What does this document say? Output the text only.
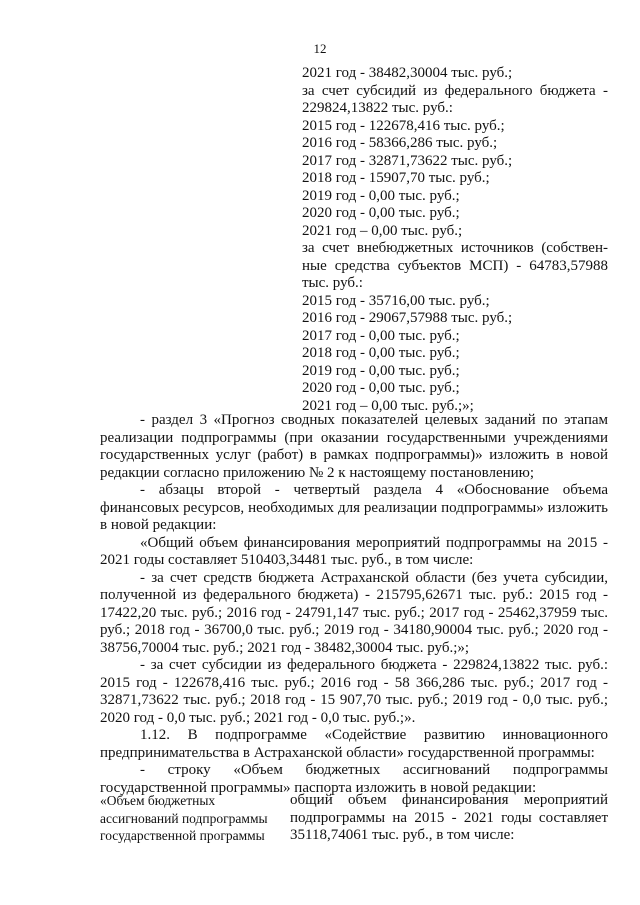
12
2021 год - 38482,30004 тыс. руб.;
за счет субсидий из федерального бюджета -
229824,13822 тыс. руб.:
2015 год - 122678,416 тыс. руб.;
2016 год - 58366,286 тыс. руб.;
2017 год - 32871,73622 тыс. руб.;
2018 год - 15907,70 тыс. руб.;
2019 год - 0,00 тыс. руб.;
2020 год - 0,00 тыс. руб.;
2021 год – 0,00 тыс. руб.;
за счет внебюджетных источников (собствен-
ные средства субъектов МСП) - 64783,57988
тыс. руб.:
2015 год - 35716,00 тыс. руб.;
2016 год - 29067,57988 тыс. руб.;
2017 год - 0,00 тыс. руб.;
2018 год - 0,00 тыс. руб.;
2019 год - 0,00 тыс. руб.;
2020 год - 0,00 тыс. руб.;
2021 год – 0,00 тыс. руб.;»;

- раздел 3 «Прогноз сводных показателей целевых заданий по этапам реализации подпрограммы (при оказании государственными учреждениями государственных услуг (работ) в рамках подпрограммы)» изложить в новой редакции согласно приложению № 2 к настоящему постановлению;

- абзацы второй - четвертый раздела 4 «Обоснование объема финансовых ресурсов, необходимых для реализации подпрограммы» изложить в новой редакции:

«Общий объем финансирования мероприятий подпрограммы на 2015 - 2021 годы составляет 510403,34481 тыс. руб., в том числе:

- за счет средств бюджета Астраханской области (без учета субсидии, полученной из федерального бюджета) - 215795,62671 тыс. руб.: 2015 год - 17422,20 тыс. руб.; 2016 год - 24791,147 тыс. руб.; 2017 год - 25462,37959 тыс. руб.; 2018 год - 36700,0 тыс. руб.; 2019 год - 34180,90004 тыс. руб.; 2020 год - 38756,70004 тыс. руб.; 2021 год - 38482,30004 тыс. руб.;»;

- за счет субсидии из федерального бюджета - 229824,13822 тыс. руб.: 2015 год - 122678,416 тыс. руб.; 2016 год - 58 366,286 тыс. руб.; 2017 год - 32871,73622 тыс. руб.; 2018 год - 15 907,70 тыс. руб.; 2019 год - 0,0 тыс. руб.; 2020 год - 0,0 тыс. руб.; 2021 год - 0,0 тыс. руб.;».

1.12. В подпрограмме «Содействие развитию инновационного предпринимательства в Астраханской области» государственной программы:

- строку «Объем бюджетных ассигнований подпрограммы государственной программы» паспорта изложить в новой редакции:

«Объем бюджетных ассигнований подпрограммы государственной программы
общий объем финансирования мероприятий подпрограммы на 2015 - 2021 годы составляет 35118,74061 тыс. руб., в том числе:
